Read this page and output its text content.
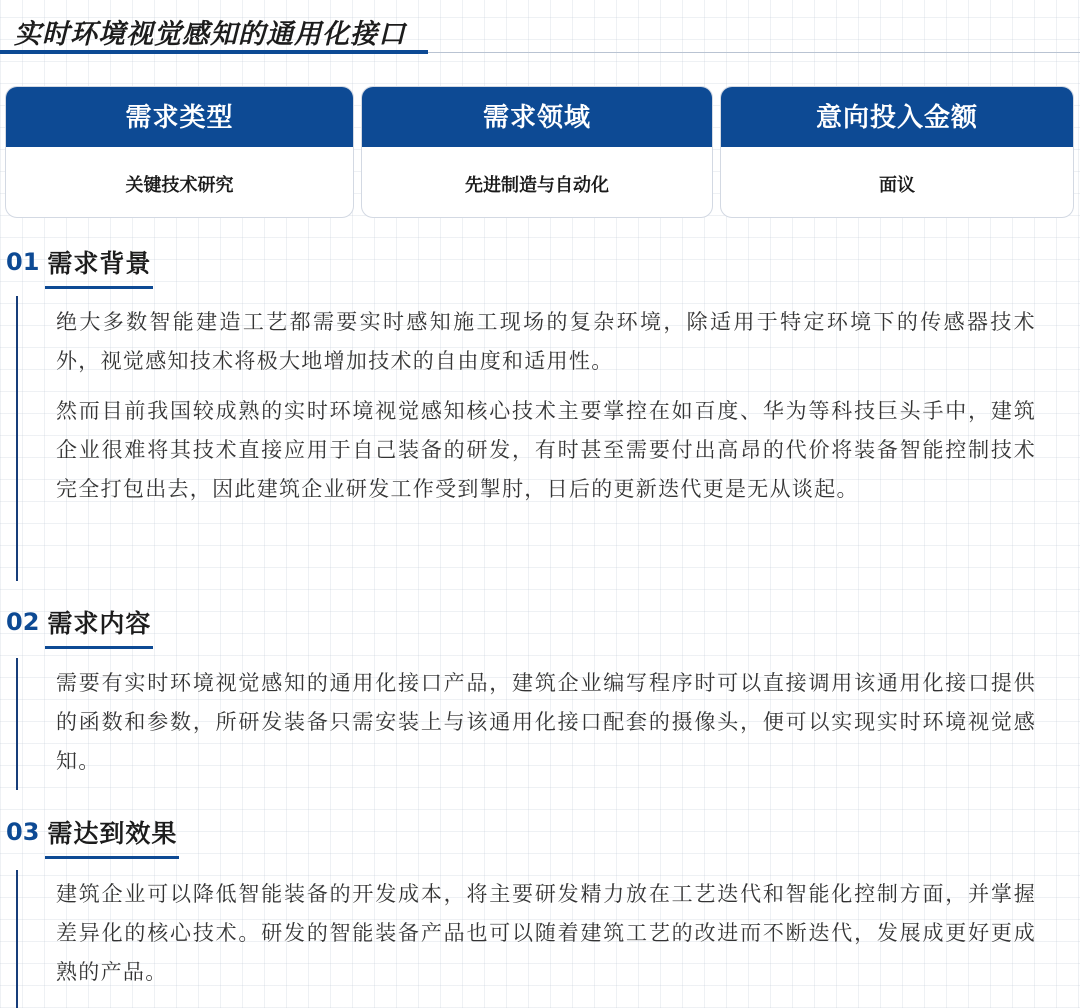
实时环境视觉感知的通用化接口
需求类型
关键技术研究
需求领域
先进制造与自动化
意向投入金额
面议
01 需求背景

绝大多数智能建造工艺都需要实时感知施工现场的复杂环境，除适用于特定环境下的传感器技术外，视觉感知技术将极大地增加技术的自由度和适用性。

然而目前我国较成熟的实时环境视觉感知核心技术主要掌控在如百度、华为等科技巨头手中，建筑企业很难将其技术直接应用于自己装备的研发，有时甚至需要付出高昂的代价将装备智能控制技术完全打包出去，因此建筑企业研发工作受到掣肘，日后的更新迭代更是无从谈起。

02 需求内容

需要有实时环境视觉感知的通用化接口产品，建筑企业编写程序时可以直接调用该通用化接口提供的函数和参数，所研发装备只需安装上与该通用化接口配套的摄像头，便可以实现实时环境视觉感知。

03 需达到效果

建筑企业可以降低智能装备的开发成本，将主要研发精力放在工艺迭代和智能化控制方面，并掌握差异化的核心技术。研发的智能装备产品也可以随着建筑工艺的改进而不断迭代，发展成更好更成熟的产品。
